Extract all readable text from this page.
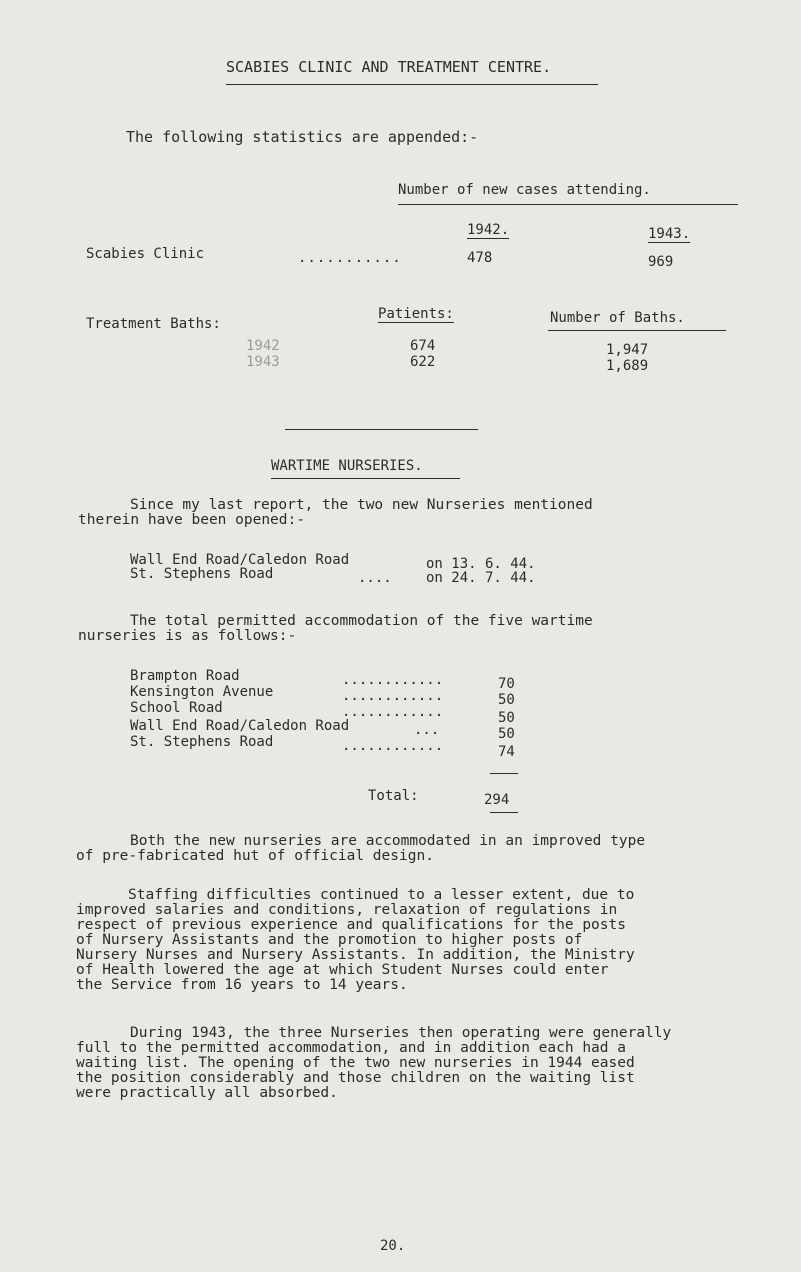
SCABIES CLINIC AND TREATMENT CENTRE.
The following statistics are appended:-
Number of new cases attending.
1942.	1943.
Scabies Clinic	...........	478	969
Treatment Baths:
Patients:	Number of Baths.
1942	674	1,947
1943	622	1,689
WARTIME NURSERIES.
Since my last report, the two new Nurseries mentioned
therein have been opened:-
Wall End Road/Caledon Road	on 13. 6. 44.
St. Stephens Road	.... on 24. 7. 44.
The total permitted accommodation of the five wartime
nurseries is as follows:-
Brampton Road	............	70
Kensington Avenue	............	50
School Road	............	50
Wall End Road/Caledon Road	...	50
St. Stephens Road	............	74
Total:	294
Both the new nurseries are accommodated in an improved type
of pre-fabricated hut of official design.
Staffing difficulties continued to a lesser extent, due to
improved salaries and conditions, relaxation of regulations in
respect of previous experience and qualifications for the posts
of Nursery Assistants and the promotion to higher posts of
Nursery Nurses and Nursery Assistants. In addition, the Ministry
of Health lowered the age at which Student Nurses could enter
the Service from 16 years to 14 years.
During 1943, the three Nurseries then operating were generally
full to the permitted accommodation, and in addition each had a
waiting list. The opening of the two new nurseries in 1944 eased
the position considerably and those children on the waiting list
were practically all absorbed.
20.
